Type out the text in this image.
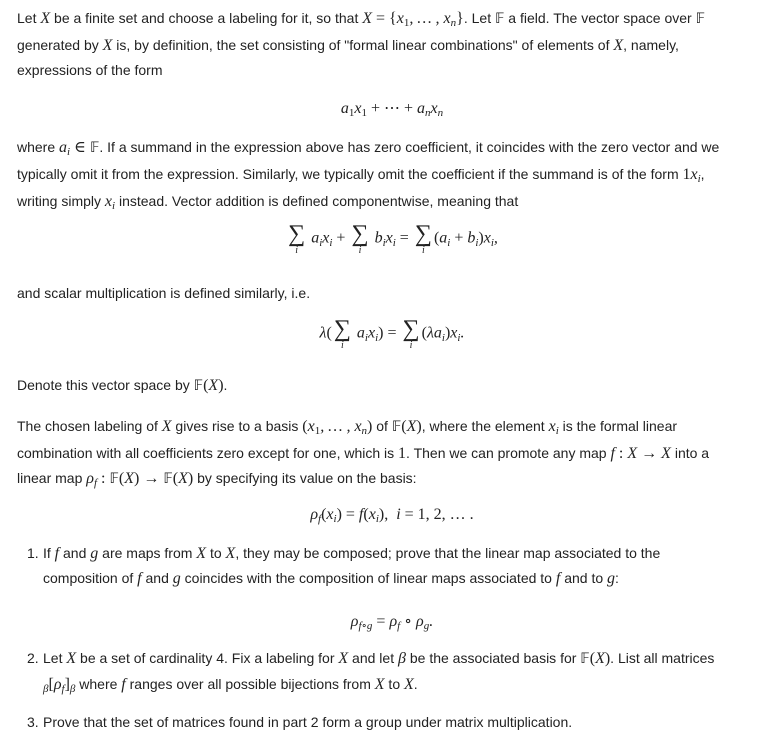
Let X be a finite set and choose a labeling for it, so that X = {x1, … , xn}. Let 𝔽 a field. The vector space over 𝔽
generated by X is, by definition, the set consisting of "formal linear combinations" of elements of X, namely,
expressions of the form

a1x1 + ⋯ + anxn

where ai ∈ 𝔽. If a summand in the expression above has zero coefficient, it coincides with the zero vector and we
typically omit it from the expression. Similarly, we typically omit the coefficient if the summand is of the form 1xi,
writing simply xi instead. Vector addition is defined componentwise, meaning that

∑
i
aixi + ∑
i
bixi = ∑
i
(ai + bi)xi,

and scalar multiplication is defined similarly, i.e.

λ( ∑
i
aixi) = ∑
i
(λai)xi.

Denote this vector space by 𝔽(X).

The chosen labeling of X gives rise to a basis (x1, … , xn) of 𝔽(X), where the element xi is the formal linear
combination with all coefficients zero except for one, which is 1. Then we can promote any map f : X → X into a
linear map ρf : 𝔽(X) → 𝔽(X) by specifying its value on the basis:

ρf(xi) = f(xi),  i = 1, 2, … .

1. If f and g are maps from X to X, they may be composed; prove that the linear map associated to the
composition of f and g coincides with the composition of linear maps associated to f and to g:

ρf∘g = ρf ∘ ρg.

2. Let X be a set of cardinality 4. Fix a labeling for X and let β be the associated basis for 𝔽(X). List all matrices
β[ρf]β where f ranges over all possible bijections from X to X.

3. Prove that the set of matrices found in part 2 form a group under matrix multiplication.
